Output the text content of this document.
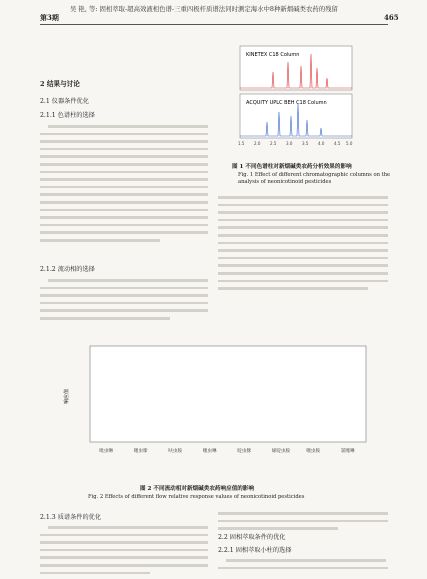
吴 艳, 等: 固相萃取-超高效液相色谱-三重四极杆质谱法同时测定海水中8种新烟碱类农药的残留
第3期	465
2 结果与讨论
2.1 仪器条件优化
2.1.1 色谱柱的选择
2.1.2 流动相的选择
KINETEX C18 Column
ACQUITY UPLC BEH C18 Column
1.5 2.0 2.5 3.0 3.5 4.0 4.5 5.0
图 1 不同色谱柱对新烟碱类农药分析效果的影响
Fig. 1 Effect of different chromatographic columns on the analysis of neonicotinoid pesticides
响应值
吡虫啉	噻虫嗪	呋虫胺	噻虫啉	啶虫脒	烯啶虫胺	噻虫胺	氯噻啉
图 2 不同流动相对新烟碱类农药响应值的影响
Fig. 2 Effects of different flow relative response values of neonicotinoid pesticides
2.1.3 质谱条件的优化
2.2 固相萃取条件的优化
2.2.1 固相萃取小柱的选择
